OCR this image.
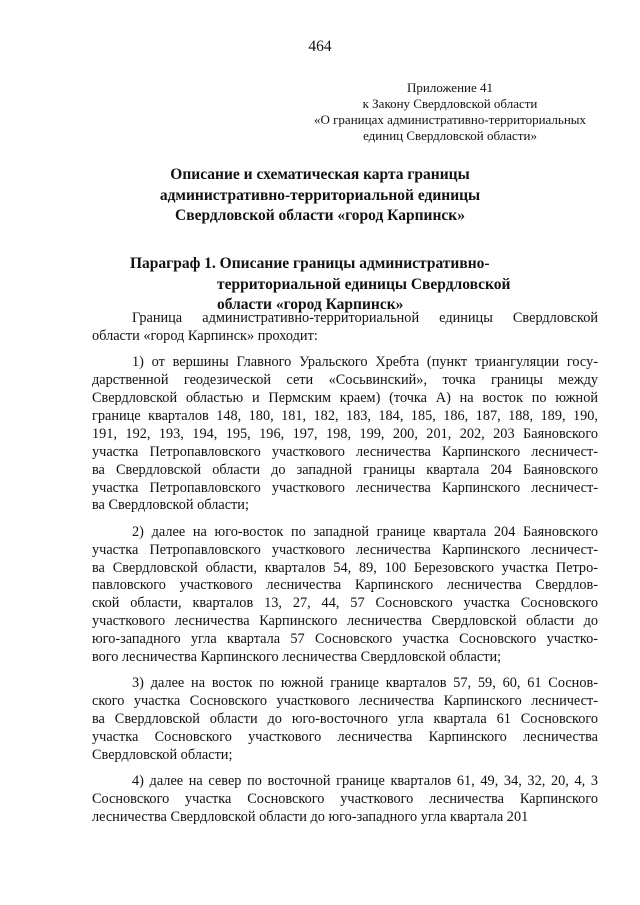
464
Приложение 41
к Закону Свердловской области
«О границах административно-территориальных
единиц Свердловской области»
Описание и схематическая карта границы
административно-территориальной единицы
Свердловской области «город Карпинск»
Параграф 1. Описание границы административно-
территориальной единицы Свердловской
области «город Карпинск»
Граница административно-территориальной единицы Свердловской
области «город Карпинск» проходит:
1) от вершины Главного Уральского Хребта (пункт триангуляции госу-
дарственной геодезической сети «Сосьвинский», точка границы между
Свердловской областью и Пермским краем) (точка А) на восток по южной
границе кварталов 148, 180, 181, 182, 183, 184, 185, 186, 187, 188, 189, 190,
191, 192, 193, 194, 195, 196, 197, 198, 199, 200, 201, 202, 203 Баяновского
участка Петропавловского участкового лесничества Карпинского лесничест-
ва Свердловской области до западной границы квартала 204 Баяновского
участка Петропавловского участкового лесничества Карпинского лесничест-
ва Свердловской области;
2) далее на юго-восток по западной границе квартала 204 Баяновского
участка Петропавловского участкового лесничества Карпинского лесничест-
ва Свердловской области, кварталов 54, 89, 100 Березовского участка Петро-
павловского участкового лесничества Карпинского лесничества Свердлов-
ской области, кварталов 13, 27, 44, 57 Сосновского участка Сосновского
участкового лесничества Карпинского лесничества Свердловской области до
юго-западного угла квартала 57 Сосновского участка Сосновского участко-
вого лесничества Карпинского лесничества Свердловской области;
3) далее на восток по южной границе кварталов 57, 59, 60, 61 Соснов-
ского участка Сосновского участкового лесничества Карпинского лесничест-
ва Свердловской области до юго-восточного угла квартала 61 Сосновского
участка Сосновского участкового лесничества Карпинского лесничества
Свердловской области;
4) далее на север по восточной границе кварталов 61, 49, 34, 32, 20, 4, 3
Сосновского участка Сосновского участкового лесничества Карпинского
лесничества Свердловской области до юго-западного угла квартала 201
